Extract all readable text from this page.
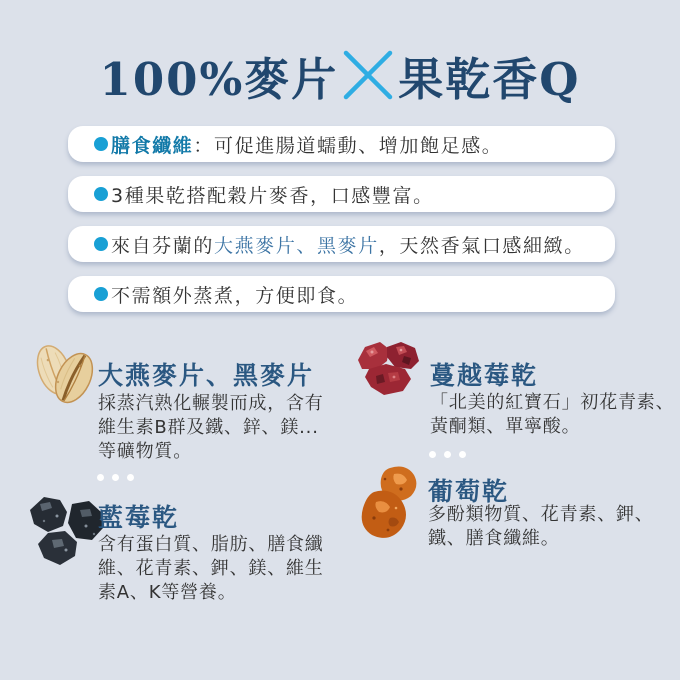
100%麥片 果乾香Q
膳食纖維 ：可促進腸道蠕動、增加飽足感。
3種果乾搭配穀片麥香，口感豐富。
來自芬蘭的 大燕麥片、黑麥片 ，天然香氣口感細緻。
不需額外蒸煮，方便即食。
大燕麥片、黑麥片
採蒸汽熟化輾製而成，含有
維生素B群及鐵、鋅、鎂...
等礦物質。
蔓越莓乾
「北美的紅寶石」初花青素、
黃酮類、單寧酸。
藍莓乾
含有蛋白質、脂肪、膳食纖
維、花青素、鉀、鎂、維生
素A、K等營養。
葡萄乾
多酚類物質、花青素、鉀、
鐵、膳食纖維。
